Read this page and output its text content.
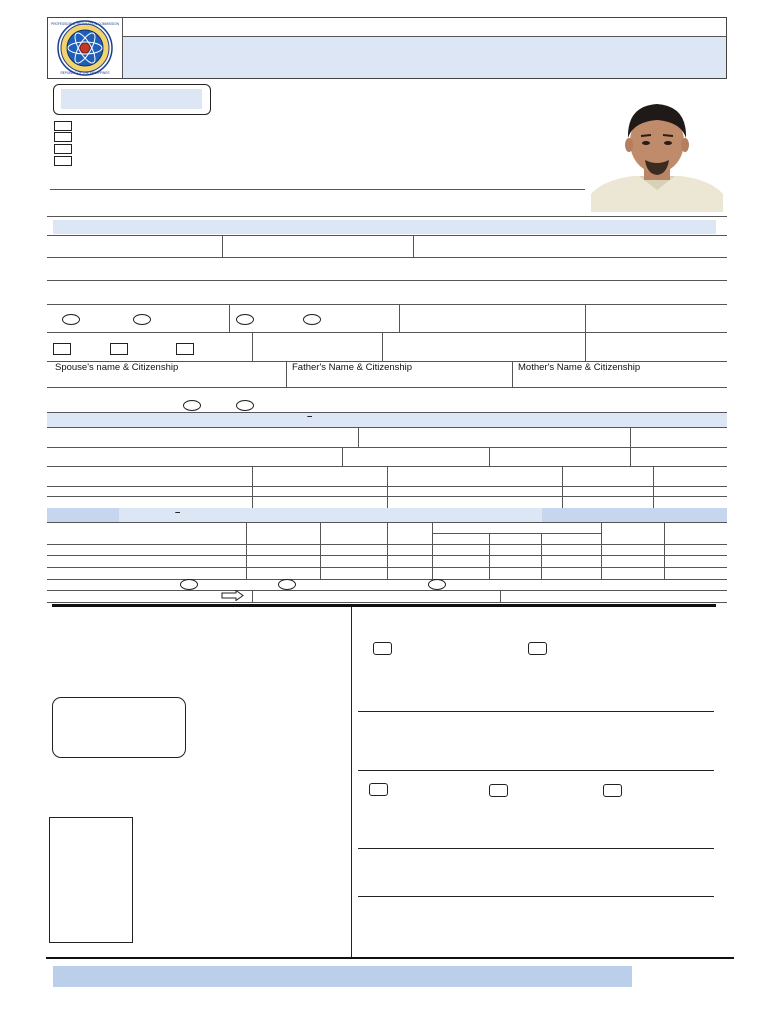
PROFESSIONAL REGULATION COMMISSION
REPUBLIC OF THE PHILIPPINES
Spouse's name & Citizenship	Father's Name & Citizenship	Mother's Name & Citizenship
–
–
